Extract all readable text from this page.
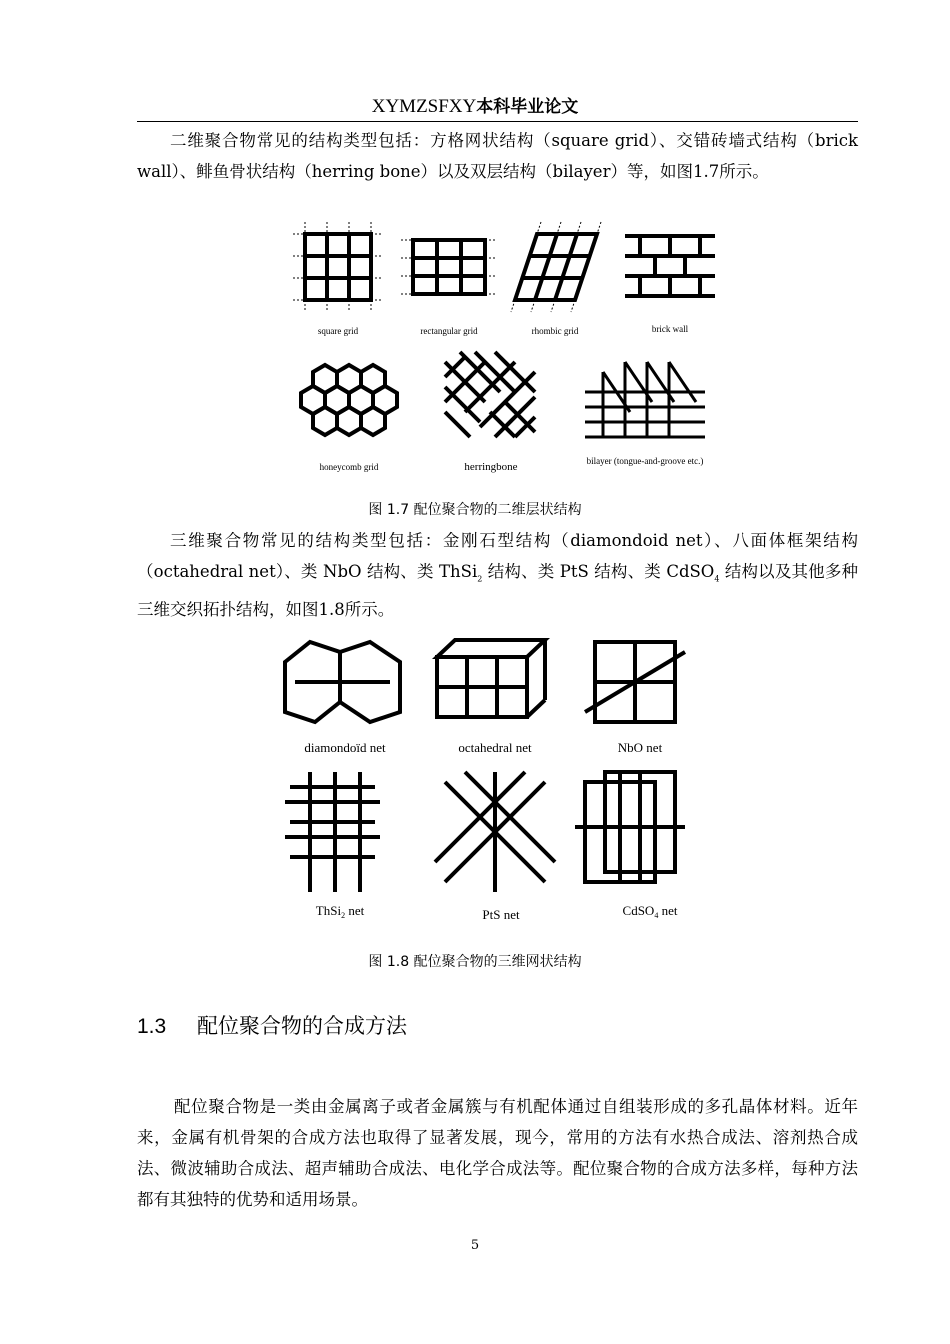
XYMZSFXY本科毕业论文
二维聚合物常见的结构类型包括：方格网状结构（square grid）、交错砖墙式结构（brick wall）、鲱鱼骨状结构（herring bone）以及双层结构（bilayer）等，如图1.7所示。
square grid	rectangular grid	rhombic grid	brick wall
honeycomb grid	herringbone	bilayer (tongue-and-groove etc.)
图 1.7 配位聚合物的二维层状结构
三维聚合物常见的结构类型包括：金刚石型结构（diamondoid net）、八面体框架结构（octahedral net）、类 NbO 结构、类 ThSi$_2$ 结构、类 PtS 结构、类 CdSO$_4$ 结构以及其他多种三维交织拓扑结构，如图1.8所示。
diamondoïd net	octahedral net	NbO net
ThSi$_2$ net	PtS net	CdSO$_4$ net
图 1.8 配位聚合物的三维网状结构
1.3 配位聚合物的合成方法
配位聚合物是一类由金属离子或者金属簇与有机配体通过自组装形成的多孔晶体材料。近年来，金属有机骨架的合成方法也取得了显著发展，现今，常用的方法有水热合成法、溶剂热合成法、微波辅助合成法、超声辅助合成法、电化学合成法等。配位聚合物的合成方法多样，每种方法都有其独特的优势和适用场景。
5
